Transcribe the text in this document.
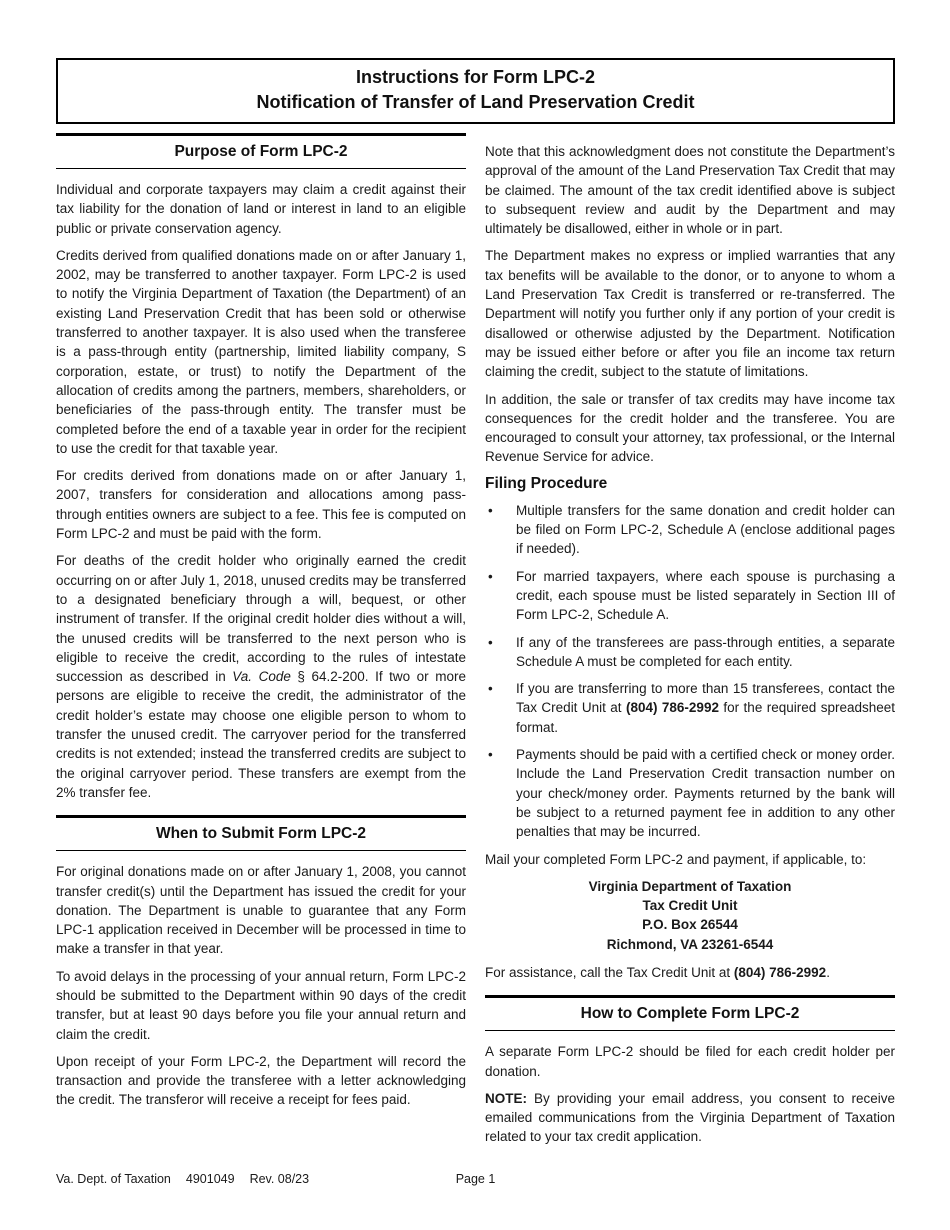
Instructions for Form LPC-2
Notification of Transfer of Land Preservation Credit
Purpose of Form LPC-2

Individual and corporate taxpayers may claim a credit against their tax liability for the donation of land or interest in land to an eligible public or private conservation agency.

Credits derived from qualified donations made on or after January 1, 2002, may be transferred to another taxpayer. Form LPC-2 is used to notify the Virginia Department of Taxation (the Department) of an existing Land Preservation Credit that has been sold or otherwise transferred to another taxpayer. It is also used when the transferee is a pass-through entity (partnership, limited liability company, S corporation, estate, or trust) to notify the Department of the allocation of credits among the partners, members, shareholders, or beneficiaries of the pass-through entity. The transfer must be completed before the end of a taxable year in order for the recipient to use the credit for that taxable year.

For credits derived from donations made on or after January 1, 2007, transfers for consideration and allocations among pass-through entities owners are subject to a fee. This fee is computed on Form LPC-2 and must be paid with the form.

For deaths of the credit holder who originally earned the credit occurring on or after July 1, 2018, unused credits may be transferred to a designated beneficiary through a will, bequest, or other instrument of transfer. If the original credit holder dies without a will, the unused credits will be transferred to the next person who is eligible to receive the credit, according to the rules of intestate succession as described in Va. Code § 64.2-200. If two or more persons are eligible to receive the credit, the administrator of the credit holder’s estate may choose one eligible person to whom to transfer the unused credit. The carryover period for the transferred credits is not extended; instead the transferred credits are subject to the original carryover period. These transfers are exempt from the 2% transfer fee.

When to Submit Form LPC-2

For original donations made on or after January 1, 2008, you cannot transfer credit(s) until the Department has issued the credit for your donation. The Department is unable to guarantee that any Form LPC-1 application received in December will be processed in time to make a transfer in that year.

To avoid delays in the processing of your annual return, Form LPC-2 should be submitted to the Department within 90 days of the credit transfer, but at least 90 days before you file your annual return and claim the credit.

Upon receipt of your Form LPC-2, the Department will record the transaction and provide the transferee with a letter acknowledging the credit. The transferor will receive a receipt for fees paid.

Note that this acknowledgment does not constitute the Department’s approval of the amount of the Land Preservation Tax Credit that may be claimed. The amount of the tax credit identified above is subject to subsequent review and audit by the Department and may ultimately be disallowed, either in whole or in part.

The Department makes no express or implied warranties that any tax benefits will be available to the donor, or to anyone to whom a Land Preservation Tax Credit is transferred or re-transferred. The Department will notify you further only if any portion of your credit is disallowed or otherwise adjusted by the Department. Notification may be issued either before or after you file an income tax return claiming the credit, subject to the statute of limitations.

In addition, the sale or transfer of tax credits may have income tax consequences for the credit holder and the transferee. You are encouraged to consult your attorney, tax professional, or the Internal Revenue Service for advice.

Filing Procedure
•	Multiple transfers for the same donation and credit holder can be filed on Form LPC-2, Schedule A (enclose additional pages if needed).
•	For married taxpayers, where each spouse is purchasing a credit, each spouse must be listed separately in Section III of Form LPC-2, Schedule A.
•	If any of the transferees are pass-through entities, a separate Schedule A must be completed for each entity.
•	If you are transferring to more than 15 transferees, contact the Tax Credit Unit at (804) 786-2992 for the required spreadsheet format.
•	Payments should be paid with a certified check or money order. Include the Land Preservation Credit transaction number on your check/money order. Payments returned by the bank will be subject to a returned payment fee in addition to any other penalties that may be incurred.

Mail your completed Form LPC-2 and payment, if applicable, to:

Virginia Department of Taxation
Tax Credit Unit
P.O. Box 26544
Richmond, VA 23261-6544

For assistance, call the Tax Credit Unit at (804) 786-2992.

How to Complete Form LPC-2

A separate Form LPC-2 should be filed for each credit holder per donation.

NOTE: By providing your email address, you consent to receive emailed communications from the Virginia Department of Taxation related to your tax credit application.

Va. Dept. of Taxation 4901049 Rev. 08/23	Page 1
